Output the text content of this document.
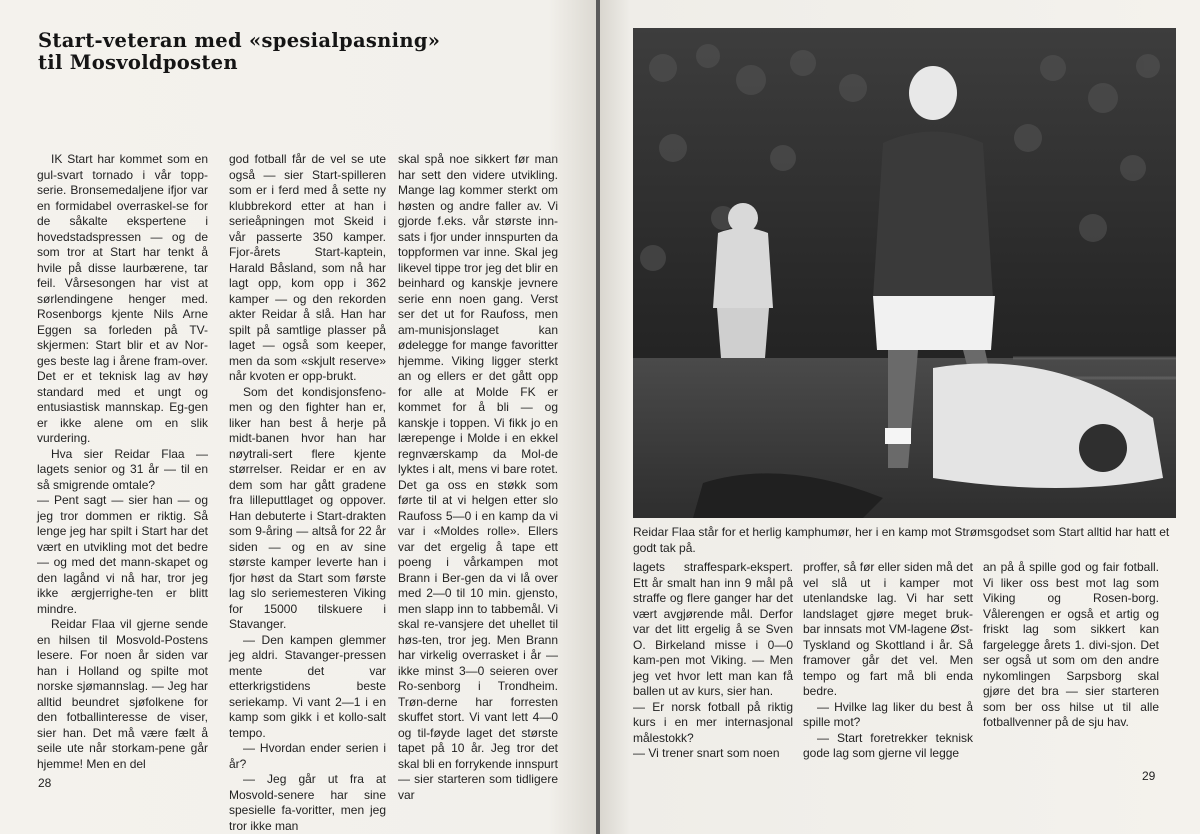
Start-veteran med «spesialpasning»
til Mosvoldposten

IK Start har kommet som en gul-svart tornado i vår topp-serie. Bronsemedaljene ifjor var en formidabel overraskel-se for de såkalte ekspertene i hovedstadspressen — og de som tror at Start har tenkt å hvile på disse laurbærene, tar feil. Vårsesongen har vist at sørlendingene henger med. Rosenborgs kjente Nils Arne Eggen sa forleden på TV-skjermen: Start blir et av Nor-ges beste lag i årene fram-over. Det er et teknisk lag av høy standard med et ungt og entusiastisk mannskap. Eg-gen er ikke alene om en slik vurdering.

Hva sier Reidar Flaa — lagets senior og 31 år — til en så smigrende omtale?

— Pent sagt — sier han — og jeg tror dommen er riktig. Så lenge jeg har spilt i Start har det vært en utvikling mot det bedre — og med det mann-skapet og den lagånd vi nå har, tror jeg ikke ærgjerrighe-ten er blitt mindre.

Reidar Flaa vil gjerne sende en hilsen til Mosvold-Postens lesere. For noen år siden var han i Holland og spilte mot norske sjømannslag. — Jeg har alltid beundret sjøfolkene for den fotballinteresse de viser, sier han. Det må være fælt å seile ute når storkam-pene går hjemme! Men en del

god fotball får de vel se ute også — sier Start-spilleren som er i ferd med å sette ny klubbrekord etter at han i serieåpningen mot Skeid i vår passerte 350 kamper. Fjor-årets Start-kaptein, Harald Båsland, som nå har lagt opp, kom opp i 362 kamper — og den rekorden akter Reidar å slå. Han har spilt på samtlige plasser på laget — også som keeper, men da som «skjult reserve» når kvoten er opp-brukt.

Som det kondisjonsfeno-men og den fighter han er, liker han best å herje på midt-banen hvor han har nøytrali-sert flere kjente størrelser. Reidar er en av dem som har gått gradene fra lilleputtlaget og oppover. Han debuterte i Start-drakten som 9-åring — altså for 22 år siden — og en av sine største kamper leverte han i fjor høst da Start som første lag slo seriemesteren Viking for 15000 tilskuere i Stavanger.

— Den kampen glemmer jeg aldri. Stavanger-pressen mente det var etterkrigstidens beste seriekamp. Vi vant 2—1 i en kamp som gikk i et kollo-salt tempo.

— Hvordan ender serien i år?

— Jeg går ut fra at Mosvold-senere har sine spesielle fa-voritter, men jeg tror ikke man

skal spå noe sikkert før man har sett den videre utvikling. Mange lag kommer sterkt om høsten og andre faller av. Vi gjorde f.eks. vår største inn-sats i fjor under innspurten da toppformen var inne. Skal jeg likevel tippe tror jeg det blir en beinhard og kanskje jevnere serie enn noen gang. Verst ser det ut for Raufoss, men am-munisjonslaget kan ødelegge for mange favoritter hjemme. Viking ligger sterkt an og ellers er det gått opp for alle at Molde FK er kommet for å bli — og kanskje i toppen. Vi fikk jo en lærepenge i Molde i en ekkel regnværskamp da Mol-de lyktes i alt, mens vi bare rotet. Det ga oss en støkk som førte til at vi helgen etter slo Raufoss 5—0 i en kamp da vi var i «Moldes rolle». Ellers var det ergelig å tape ett poeng i vårkampen mot Brann i Ber-gen da vi lå over med 2—0 til 10 min. gjensto, men slapp inn to tabbemål. Vi skal re-vansjere det uhellet til høs-ten, tror jeg. Men Brann har virkelig overrasket i år — ikke minst 3—0 seieren over Ro-senborg i Trondheim. Trøn-derne har forresten skuffet stort. Vi vant lett 4—0 og til-føyde laget det største tapet på 10 år. Jeg tror det skal bli en forrykende innspurt — sier starteren som tidligere var

28
Reidar Flaa står for et herlig kamphumør, her i en kamp mot Strømsgodset som Start alltid har hatt et godt tak på.

lagets straffespark-ekspert. Ett år smalt han inn 9 mål på straffe og flere ganger har det vært avgjørende mål. Derfor var det litt ergelig å se Sven O. Birkeland misse i 0—0 kam-pen mot Viking. — Men jeg vet hvor lett man kan få ballen ut av kurs, sier han.

— Er norsk fotball på riktig kurs i en mer internasjonal målestokk?

— Vi trener snart som noen

proffer, så før eller siden må det vel slå ut i kamper mot utenlandske lag. Vi har sett landslaget gjøre meget bruk-bar innsats mot VM-lagene Øst-Tyskland og Skottland i år. Så framover går det vel. Men tempo og fart må bli enda bedre.

— Hvilke lag liker du best å spille mot?

— Start foretrekker teknisk gode lag som gjerne vil legge

an på å spille god og fair fotball. Vi liker oss best mot lag som Viking og Rosen-borg. Vålerengen er også et artig og friskt lag som sikkert kan fargelegge årets 1. divi-sjon. Det ser også ut som om den andre nykomlingen Sarpsborg skal gjøre det bra — sier starteren som ber oss hilse ut til alle fotballvenner på de sju hav.

29
